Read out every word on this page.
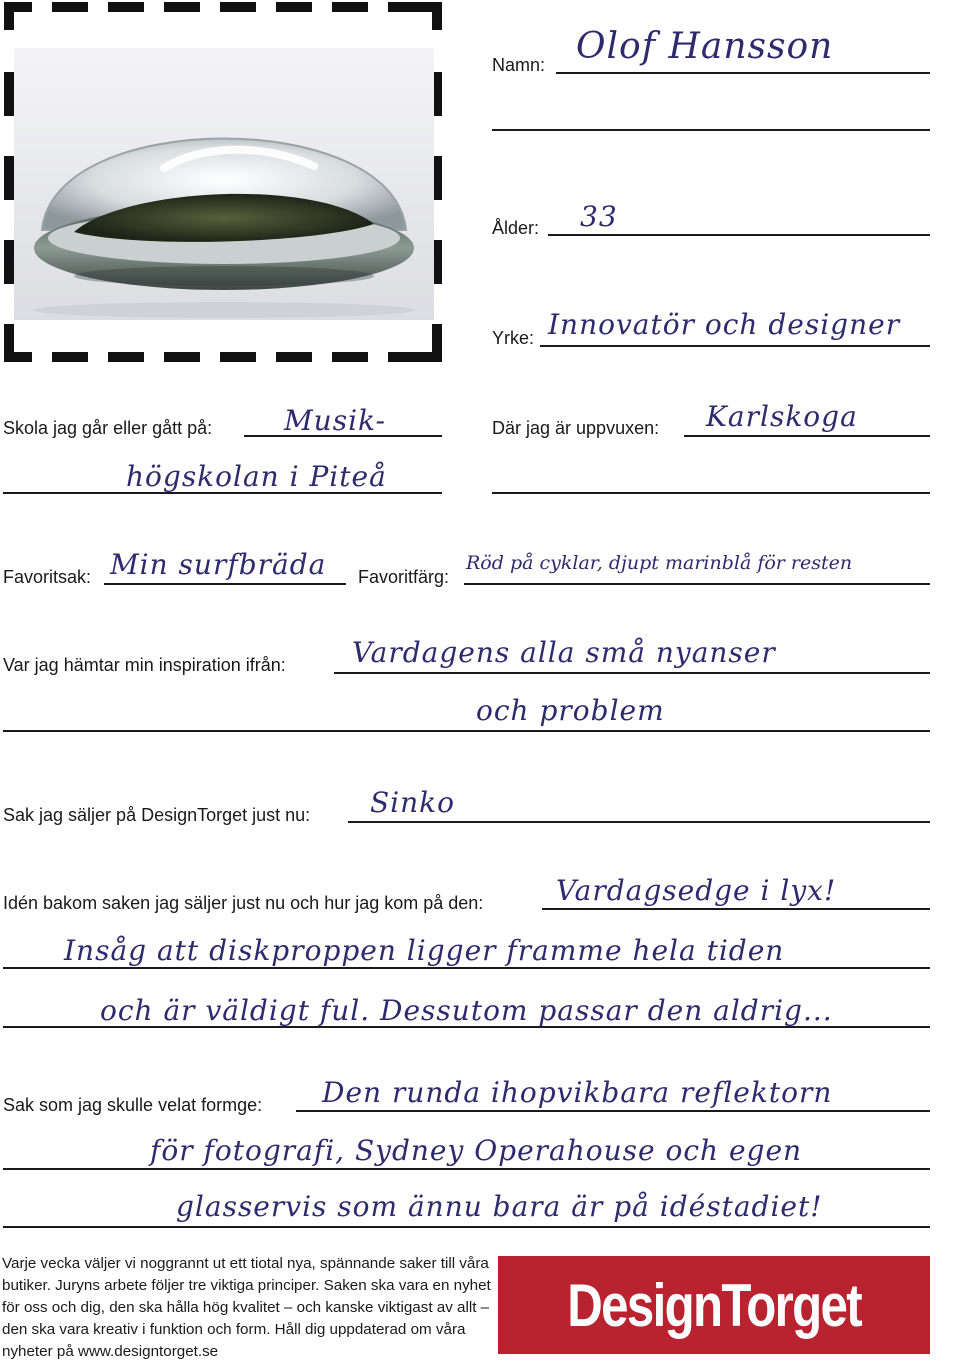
Namn: Olof Hansson
Ålder: 33
Yrke: Innovatör och designer
Skola jag går eller gått på:	Musik-
högskolan i Piteå
Där jag är uppvuxen: Karlskoga
Favoritsak: Min surfbräda Favoritfärg:
Röd på cyklar, djupt marinblå för resten
Var jag hämtar min inspiration ifrån: Vardagens alla små nyanser
och problem
Sak jag säljer på DesignTorget just nu: Sinko
Idén bakom saken jag säljer just nu och hur jag kom på den:	Vardagsedge i lyx!
Insåg att diskproppen ligger framme hela tiden
och är väldigt ful. Dessutom passar den aldrig...
Sak som jag skulle velat formge: Den runda ihopvikbara reflektorn
för fotografi, Sydney Operahouse och egen
glasservis som ännu bara är på idéstadiet!
Varje vecka väljer vi noggrannt ut ett tiotal nya, spännande saker till våra butiker. Juryns arbete följer tre viktiga principer. Saken ska vara en nyhet för oss och dig, den ska hålla hög kvalitet – och kanske viktigast av allt – den ska vara kreativ i funktion och form. Håll dig uppdaterad om våra nyheter på www.designtorget.se
DesignTorget
